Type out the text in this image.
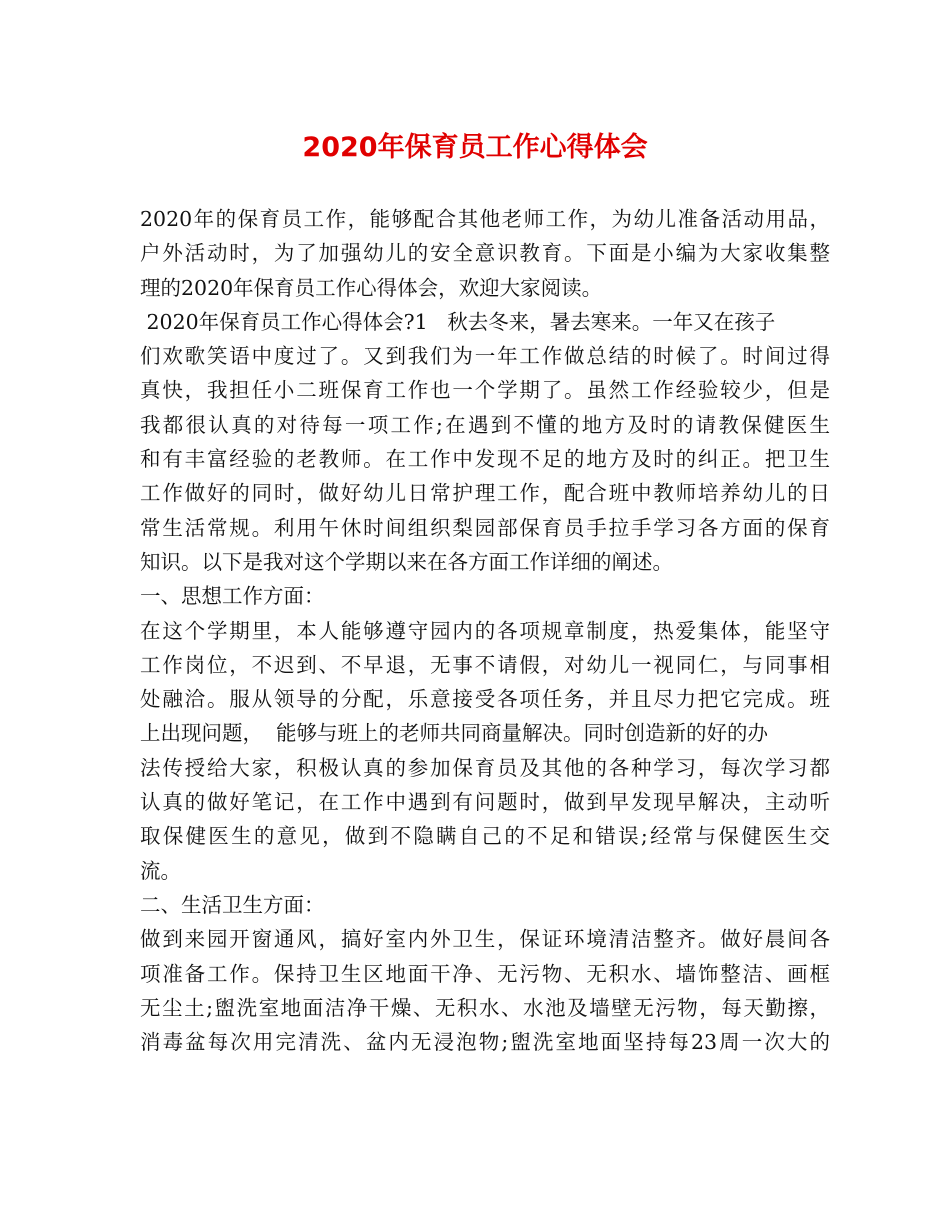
2020年保育员工作心得体会
2020年的保育员工作，能够配合其他老师工作，为幼儿准备活动用品，
户外活动时，为了加强幼儿的安全意识教育。下面是小编为大家收集整
理的2020年保育员工作心得体会，欢迎大家阅读。
2020年保育员工作心得体会?1   秋去冬来，暑去寒来。一年又在孩子
们欢歌笑语中度过了。又到我们为一年工作做总结的时候了。时间过得
真快，我担任小二班保育工作也一个学期了。虽然工作经验较少，但是
我都很认真的对待每一项工作;在遇到不懂的地方及时的请教保健医生
和有丰富经验的老教师。在工作中发现不足的地方及时的纠正。把卫生
工作做好的同时，做好幼儿日常护理工作，配合班中教师培养幼儿的日
常生活常规。利用午休时间组织梨园部保育员手拉手学习各方面的保育
知识。以下是我对这个学期以来在各方面工作详细的阐述。
一、思想工作方面：
在这个学期里，本人能够遵守园内的各项规章制度，热爱集体，能坚守
工作岗位，不迟到、不早退，无事不请假，对幼儿一视同仁，与同事相
处融洽。服从领导的分配，乐意接受各项任务，并且尽力把它完成。班
上出现问题，  能够与班上的老师共同商量解决。同时创造新的好的办
法传授给大家，积极认真的参加保育员及其他的各种学习，每次学习都
认真的做好笔记，在工作中遇到有问题时，做到早发现早解决，主动听
取保健医生的意见，做到不隐瞒自己的不足和错误;经常与保健医生交
流。
二、生活卫生方面：
做到来园开窗通风，搞好室内外卫生，保证环境清洁整齐。做好晨间各
项准备工作。保持卫生区地面干净、无污物、无积水、墙饰整洁、画框
无尘土;盥洗室地面洁净干燥、无积水、水池及墙壁无污物，每天勤擦，
消毒盆每次用完清洗、盆内无浸泡物;盥洗室地面坚持每23周一次大的
